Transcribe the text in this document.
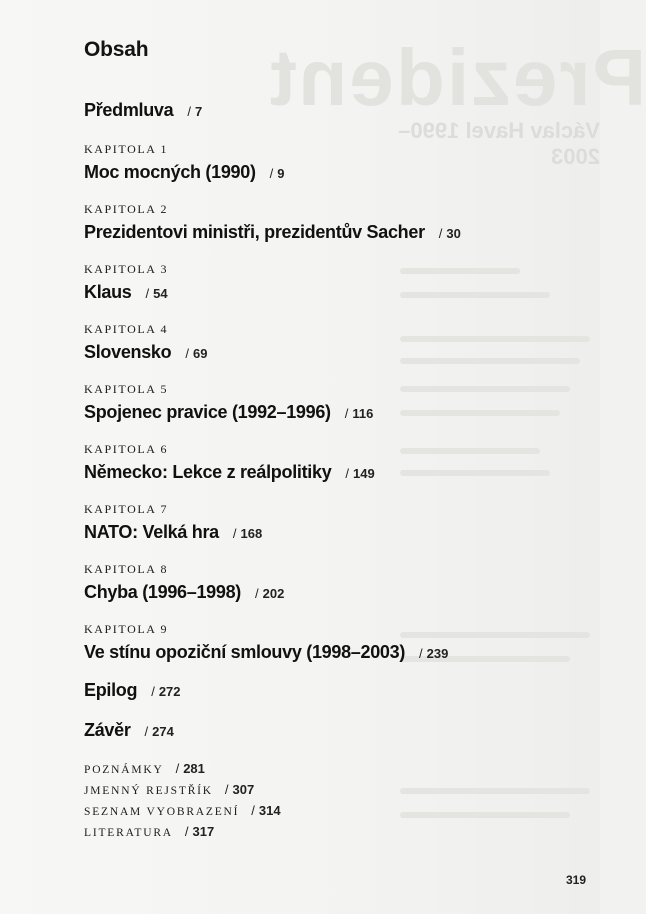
Prezident
Václav Havel 1990–2003
Obsah
Předmluva / 7
KAPITOLA 1
Moc mocných (1990) / 9
KAPITOLA 2
Prezidentovi ministři, prezidentův Sacher / 30
KAPITOLA 3
Klaus / 54
KAPITOLA 4
Slovensko / 69
KAPITOLA 5
Spojenec pravice (1992–1996) / 116
KAPITOLA 6
Německo: Lekce z reálpolitiky / 149
KAPITOLA 7
NATO: Velká hra / 168
KAPITOLA 8
Chyba (1996–1998) / 202
KAPITOLA 9
Ve stínu opoziční smlouvy (1998–2003) / 239
Epilog / 272
Závěr / 274
POZNÁMKY / 281
JMENNÝ REJSTŘÍK / 307
SEZNAM VYOBRAZENÍ / 314
LITERATURA / 317
319
